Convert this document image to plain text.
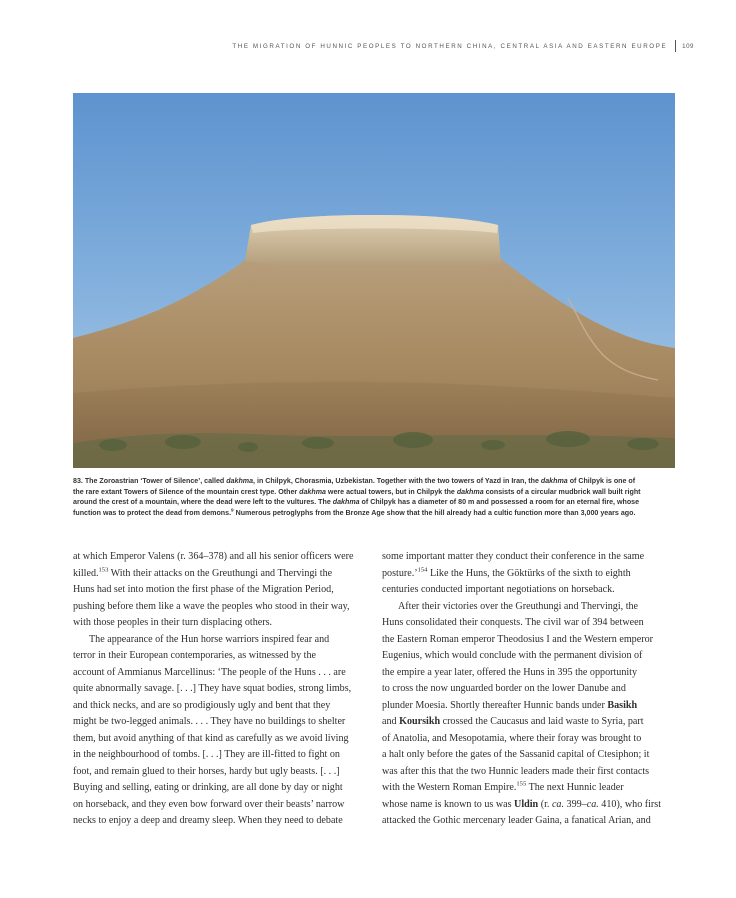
THE MIGRATION OF HUNNIC PEOPLES TO NORTHERN CHINA, CENTRAL ASIA AND EASTERN EUROPE 109
83. The Zoroastrian ‘Tower of Silence’, called dakhma, in Chilpyk, Chorasmia, Uzbekistan. Together with the two towers of Yazd in Iran, the dakhma of Chilpyk is one of
the rare extant Towers of Silence of the mountain crest type. Other dakhma were actual towers, but in Chilpyk the dakhma consists of a circular mudbrick wall built right
around the crest of a mountain, where the dead were left to the vultures. The dakhma of Chilpyk has a diameter of 80 m and possessed a room for an eternal fire, whose
function was to protect the dead from demons.$^9$ Numerous petroglyphs from the Bronze Age show that the hill already had a cultic function more than 3,000 years ago.
at which Emperor Valens (r. 364–378) and all his senior officers were
killed.$^{153}$ With their attacks on the Greuthungi and Thervingi the
Huns had set into motion the first phase of the Migration Period,
pushing before them like a wave the peoples who stood in their way,
with those peoples in their turn displacing others.
The appearance of the Hun horse warriors inspired fear and
terror in their European contemporaries, as witnessed by the
account of Ammianus Marcellinus: ‘The people of the Huns . . . are
quite abnormally savage. [. . .] They have squat bodies, strong limbs,
and thick necks, and are so prodigiously ugly and bent that they
might be two-legged animals. . . . They have no buildings to shelter
them, but avoid anything of that kind as carefully as we avoid living
in the neighbourhood of tombs. [. . .] They are ill-fitted to fight on
foot, and remain glued to their horses, hardy but ugly beasts. [. . .]
Buying and selling, eating or drinking, are all done by day or night
on horseback, and they even bow forward over their beasts’ narrow
necks to enjoy a deep and dreamy sleep. When they need to debate
some important matter they conduct their conference in the same
posture.’$^{154}$ Like the Huns, the Göktürks of the sixth to eighth
centuries conducted important negotiations on horseback.
After their victories over the Greuthungi and Thervingi, the
Huns consolidated their conquests. The civil war of 394 between
the Eastern Roman emperor Theodosius I and the Western emperor
Eugenius, which would conclude with the permanent division of
the empire a year later, offered the Huns in 395 the opportunity
to cross the now unguarded border on the lower Danube and
plunder Moesia. Shortly thereafter Hunnic bands under Basikh
and Koursikh crossed the Caucasus and laid waste to Syria, part
of Anatolia, and Mesopotamia, where their foray was brought to
a halt only before the gates of the Sassanid capital of Ctesiphon; it
was after this that the two Hunnic leaders made their first contacts
with the Western Roman Empire.$^{155}$ The next Hunnic leader
whose name is known to us was Uldin (r. ca. 399–ca. 410), who first
attacked the Gothic mercenary leader Gaina, a fanatical Arian, and
